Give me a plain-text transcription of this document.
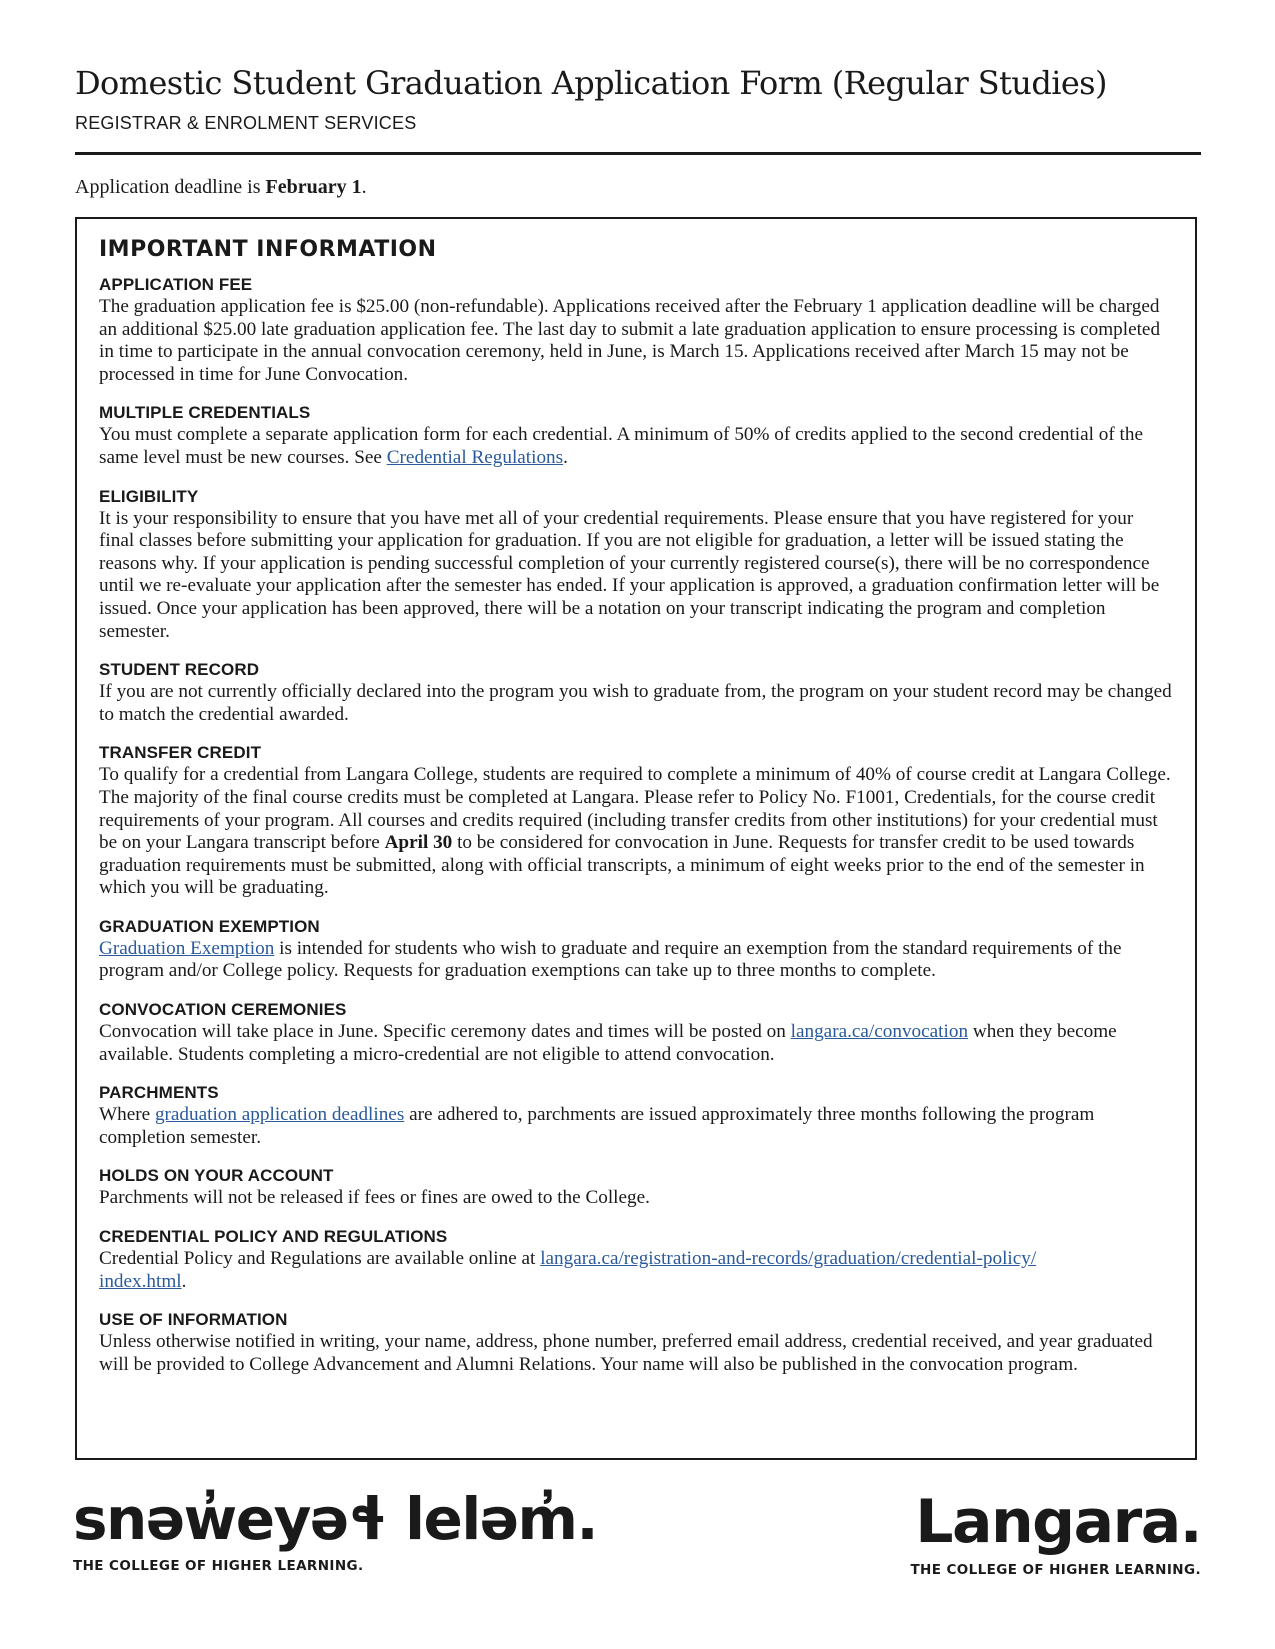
Domestic Student Graduation Application Form (Regular Studies)
REGISTRAR & ENROLMENT SERVICES
Application deadline is February 1.
IMPORTANT INFORMATION
APPLICATION FEE

The graduation application fee is $25.00 (non-refundable). Applications received after the February 1 application deadline will be charged an additional $25.00 late graduation application fee. The last day to submit a late graduation application to ensure processing is completed in time to participate in the annual convocation ceremony, held in June, is March 15. Applications received after March 15 may not be processed in time for June Convocation.

MULTIPLE CREDENTIALS

You must complete a separate application form for each credential. A minimum of 50% of credits applied to the second credential of the same level must be new courses. See Credential Regulations.

ELIGIBILITY

It is your responsibility to ensure that you have met all of your credential requirements. Please ensure that you have registered for your final classes before submitting your application for graduation. If you are not eligible for graduation, a letter will be issued stating the reasons why. If your application is pending successful completion of your currently registered course(s), there will be no correspondence until we re-evaluate your application after the semester has ended. If your application is approved, a graduation confirmation letter will be issued. Once your application has been approved, there will be a notation on your transcript indicating the program and completion semester.

STUDENT RECORD

If you are not currently officially declared into the program you wish to graduate from, the program on your student record may be changed to match the credential awarded.

TRANSFER CREDIT

To qualify for a credential from Langara College, students are required to complete a minimum of 40% of course credit at Langara College. The majority of the final course credits must be completed at Langara. Please refer to Policy No. F1001, Credentials, for the course credit requirements of your program. All courses and credits required (including transfer credits from other institutions) for your credential must be on your Langara transcript before April 30 to be considered for convocation in June. Requests for transfer credit to be used towards graduation requirements must be submitted, along with official transcripts, a minimum of eight weeks prior to the end of the semester in which you will be graduating.

GRADUATION EXEMPTION

Graduation Exemption is intended for students who wish to graduate and require an exemption from the standard requirements of the program and/or College policy. Requests for graduation exemptions can take up to three months to complete.

CONVOCATION CEREMONIES

Convocation will take place in June. Specific ceremony dates and times will be posted on langara.ca/convocation when they become available. Students completing a micro-credential are not eligible to attend convocation.

PARCHMENTS

Where graduation application deadlines are adhered to, parchments are issued approximately three months following the program completion semester.

HOLDS ON YOUR ACCOUNT

Parchments will not be released if fees or fines are owed to the College.

CREDENTIAL POLICY AND REGULATIONS

Credential Policy and Regulations are available online at langara.ca/registration-and-records/graduation/credential-policy/
index.html.

USE OF INFORMATION

Unless otherwise notified in writing, your name, address, phone number, preferred email address, credential received, and year graduated will be provided to College Advancement and Alumni Relations. Your name will also be published in the convocation program.

snəw̓eyəɬ leləm̓.
THE COLLEGE OF HIGHER LEARNING.
Langara.
THE COLLEGE OF HIGHER LEARNING.
